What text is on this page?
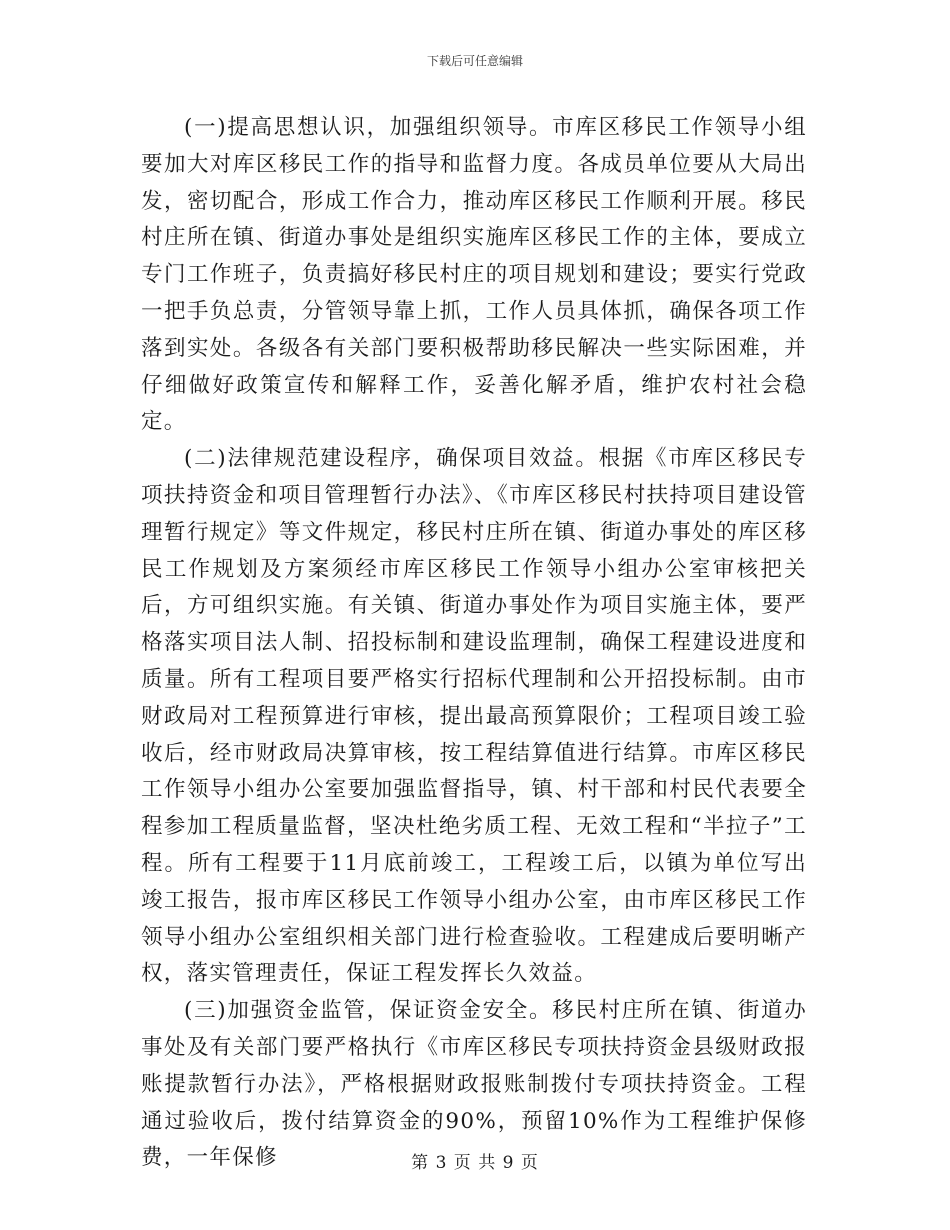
下载后可任意编辑

(一)提高思想认识，加强组织领导。市库区移民工作领导小组要加大对库区移民工作的指导和监督力度。各成员单位要从大局出发，密切配合，形成工作合力，推动库区移民工作顺利开展。移民村庄所在镇、街道办事处是组织实施库区移民工作的主体，要成立专门工作班子，负责搞好移民村庄的项目规划和建设；要实行党政一把手负总责，分管领导靠上抓，工作人员具体抓，确保各项工作落到实处。各级各有关部门要积极帮助移民解决一些实际困难，并仔细做好政策宣传和解释工作，妥善化解矛盾，维护农村社会稳定。

(二)法律规范建设程序，确保项目效益。根据《市库区移民专项扶持资金和项目管理暂行办法》、《市库区移民村扶持项目建设管理暂行规定》等文件规定，移民村庄所在镇、街道办事处的库区移民工作规划及方案须经市库区移民工作领导小组办公室审核把关后，方可组织实施。有关镇、街道办事处作为项目实施主体，要严格落实项目法人制、招投标制和建设监理制，确保工程建设进度和质量。所有工程项目要严格实行招标代理制和公开招投标制。由市财政局对工程预算进行审核，提出最高预算限价；工程项目竣工验收后，经市财政局决算审核，按工程结算值进行结算。市库区移民工作领导小组办公室要加强监督指导，镇、村干部和村民代表要全程参加工程质量监督，坚决杜绝劣质工程、无效工程和“半拉子”工程。所有工程要于11月底前竣工，工程竣工后，以镇为单位写出竣工报告，报市库区移民工作领导小组办公室，由市库区移民工作领导小组办公室组织相关部门进行检查验收。工程建成后要明晰产权，落实管理责任，保证工程发挥长久效益。

(三)加强资金监管，保证资金安全。移民村庄所在镇、街道办事处及有关部门要严格执行《市库区移民专项扶持资金县级财政报账提款暂行办法》，严格根据财政报账制拨付专项扶持资金。工程通过验收后，拨付结算资金的90%，预留10%作为工程维护保修费，一年保修	第 3 页 共 9 页
